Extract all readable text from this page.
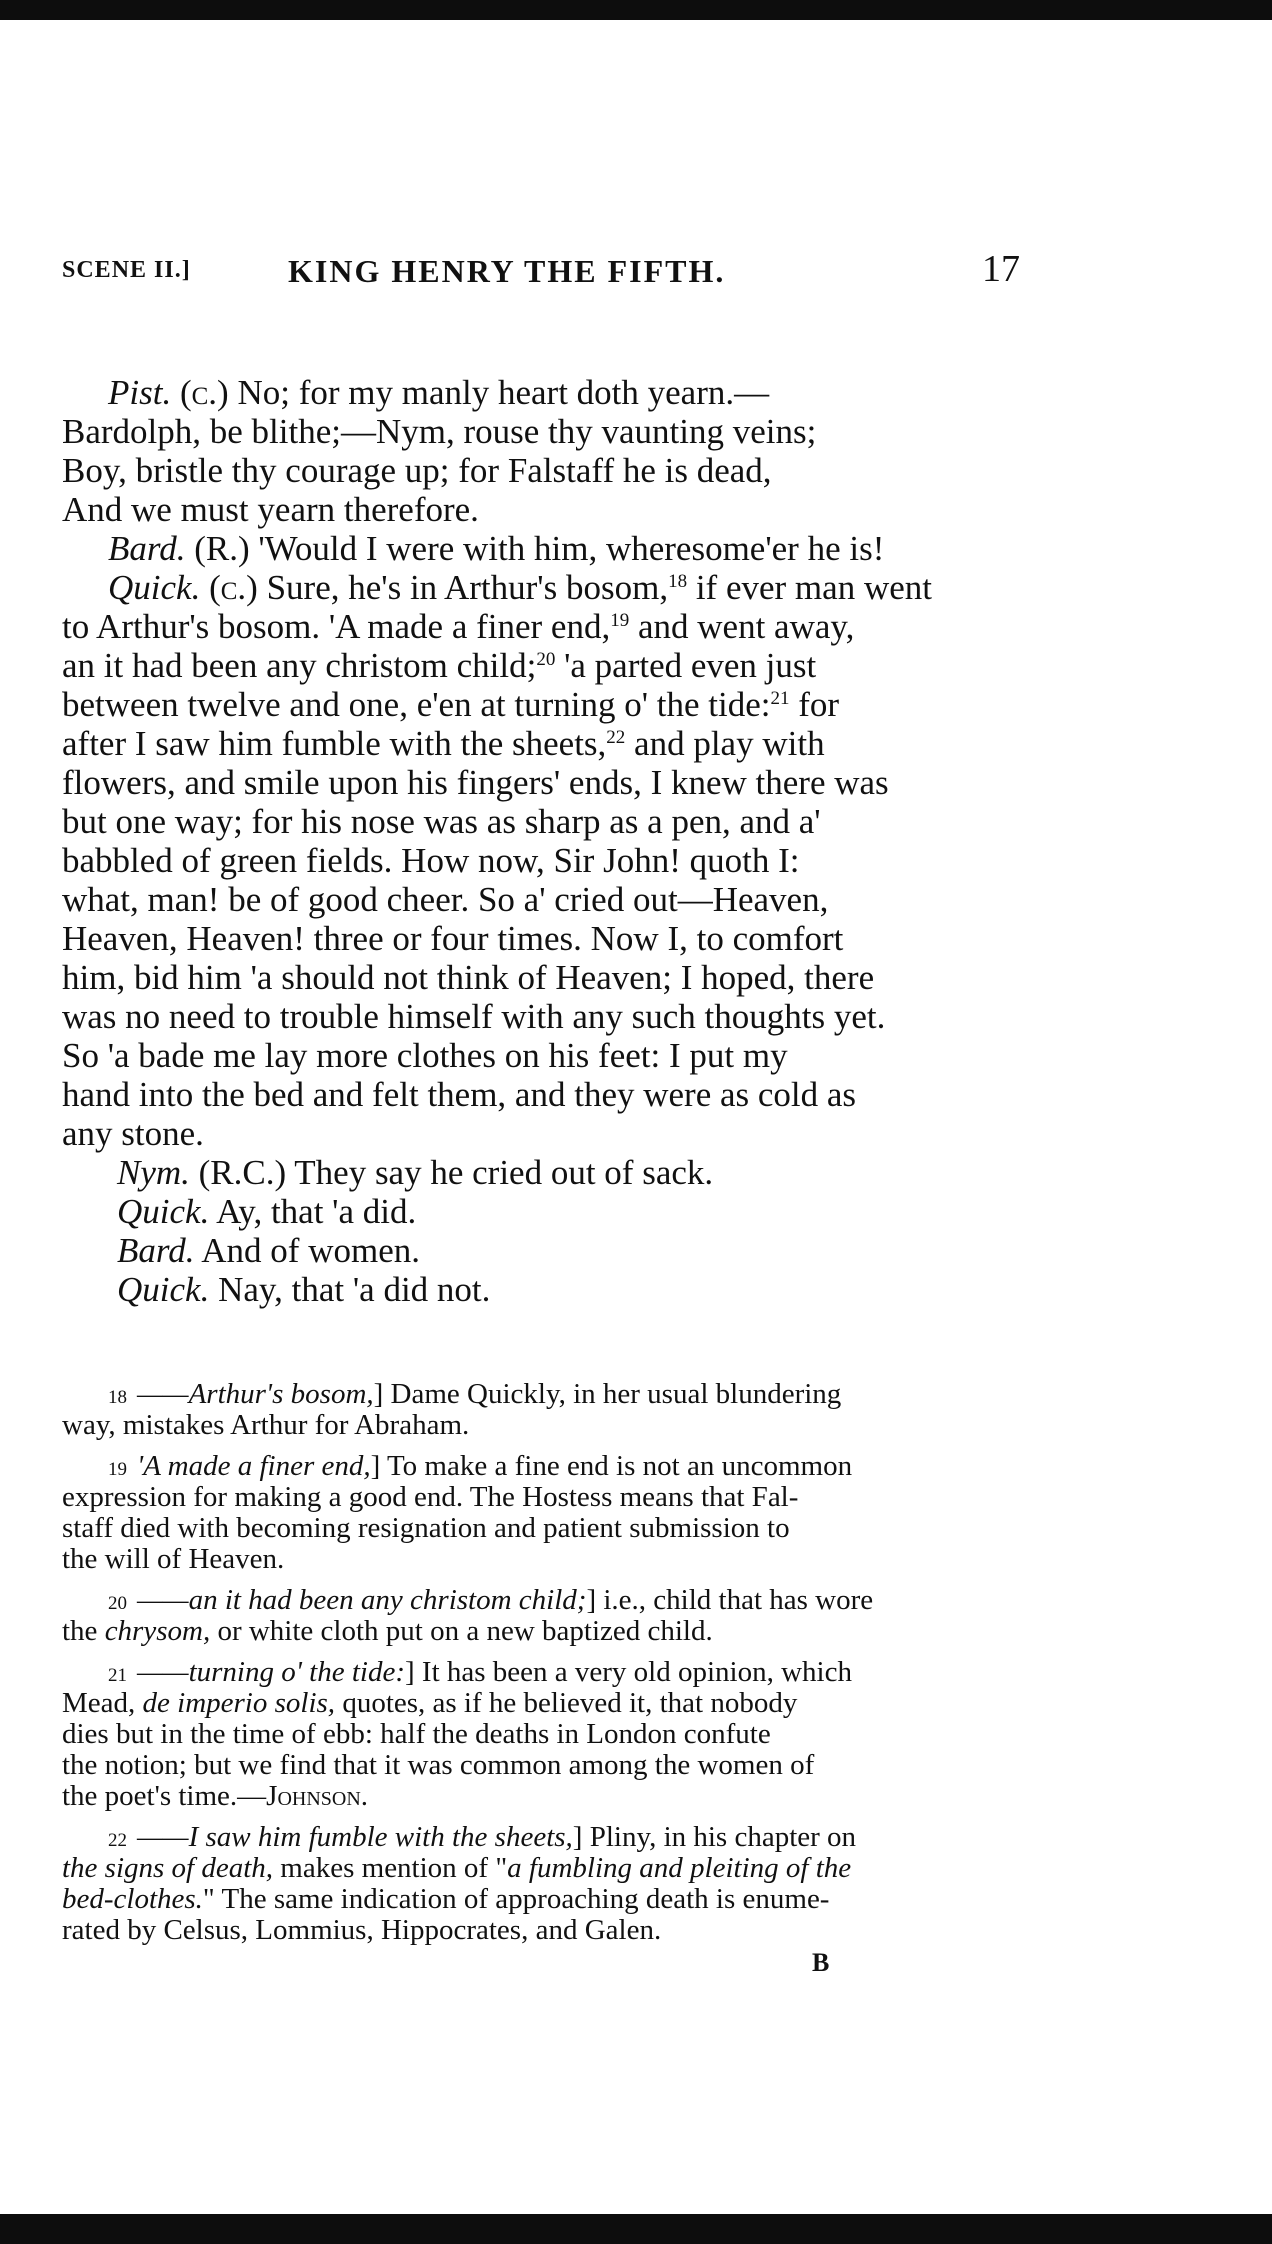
SCENE II.]	KING HENRY THE FIFTH.	17
Pist. (c.) No; for my manly heart doth yearn.—
Bardolph, be blithe;—Nym, rouse thy vaunting veins;
Boy, bristle thy courage up; for Falstaff he is dead,
And we must yearn therefore.
Bard. (R.) 'Would I were with him, wheresome'er he is!
Quick. (c.) Sure, he's in Arthur's bosom,$^{18}$ if ever man went
to Arthur's bosom. 'A made a finer end,$^{19}$ and went away,
an it had been any christom child;$^{20}$ 'a parted even just
between twelve and one, e'en at turning o' the tide:$^{21}$ for
after I saw him fumble with the sheets,$^{22}$ and play with
flowers, and smile upon his fingers' ends, I knew there was
but one way; for his nose was as sharp as a pen, and a'
babbled of green fields. How now, Sir John! quoth I:
what, man! be of good cheer. So a' cried out—Heaven,
Heaven, Heaven! three or four times. Now I, to comfort
him, bid him 'a should not think of Heaven; I hoped, there
was no need to trouble himself with any such thoughts yet.
So 'a bade me lay more clothes on his feet: I put my
hand into the bed and felt them, and they were as cold as
any stone.
Nym. (R.C.) They say he cried out of sack.
Quick. Ay, that 'a did.
Bard. And of women.
Quick. Nay, that 'a did not.
18 ——Arthur's bosom,] Dame Quickly, in her usual blundering
way, mistakes Arthur for Abraham.
19 'A made a finer end,] To make a fine end is not an uncommon
expression for making a good end. The Hostess means that Fal-
staff died with becoming resignation and patient submission to
the will of Heaven.
20 ——an it had been any christom child;] i.e., child that has wore
the chrysom, or white cloth put on a new baptized child.
21 ——turning o' the tide:] It has been a very old opinion, which
Mead, de imperio solis, quotes, as if he believed it, that nobody
dies but in the time of ebb: half the deaths in London confute
the notion; but we find that it was common among the women of
the poet's time.—Johnson.
22 ——I saw him fumble with the sheets,] Pliny, in his chapter on
the signs of death, makes mention of "a fumbling and pleiting of the
bed-clothes." The same indication of approaching death is enume-
rated by Celsus, Lommius, Hippocrates, and Galen.
B
